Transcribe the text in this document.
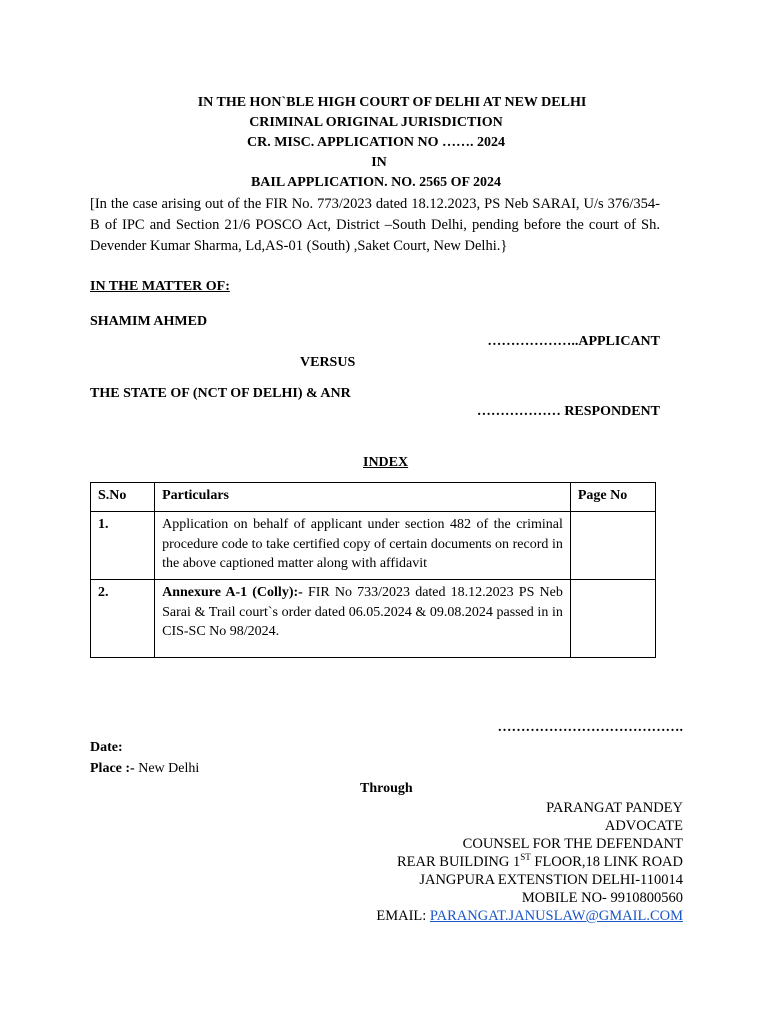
IN THE HON`BLE HIGH COURT OF DELHI AT NEW DELHI
CRIMINAL ORIGINAL JURISDICTION
CR. MISC. APPLICATION NO ……. 2024
IN
BAIL APPLICATION. NO. 2565 OF 2024
[In the case arising out of the FIR No. 773/2023 dated 18.12.2023, PS Neb SARAI, U/s 376/354-B of IPC and Section 21/6 POSCO Act, District –South Delhi, pending before the court of Sh. Devender Kumar Sharma, Ld,AS-01 (South) ,Saket Court, New Delhi.}
IN THE MATTER OF:
SHAMIM AHMED
………………..APPLICANT
VERSUS
THE STATE OF (NCT OF DELHI) & ANR
……………… RESPONDENT
INDEX
S.No	Particulars	Page No
1.	Application on behalf of applicant under section 482 of the criminal procedure code to take certified copy of certain documents on record in the above captioned matter along with affidavit	
2.	Annexure A-1 (Colly):- FIR No 733/2023 dated 18.12.2023 PS Neb Sarai & Trail court`s order dated 06.05.2024 & 09.08.2024 passed in in CIS-SC No 98/2024.	
………………………………….
Date:
Place :- New Delhi
Through
PARANGAT PANDEY
ADVOCATE
COUNSEL FOR THE DEFENDANT
REAR BUILDING 1ST FLOOR,18 LINK ROAD
JANGPURA EXTENSTION DELHI-110014
MOBILE NO- 9910800560
EMAIL: PARANGAT.JANUSLAW@GMAIL.COM
